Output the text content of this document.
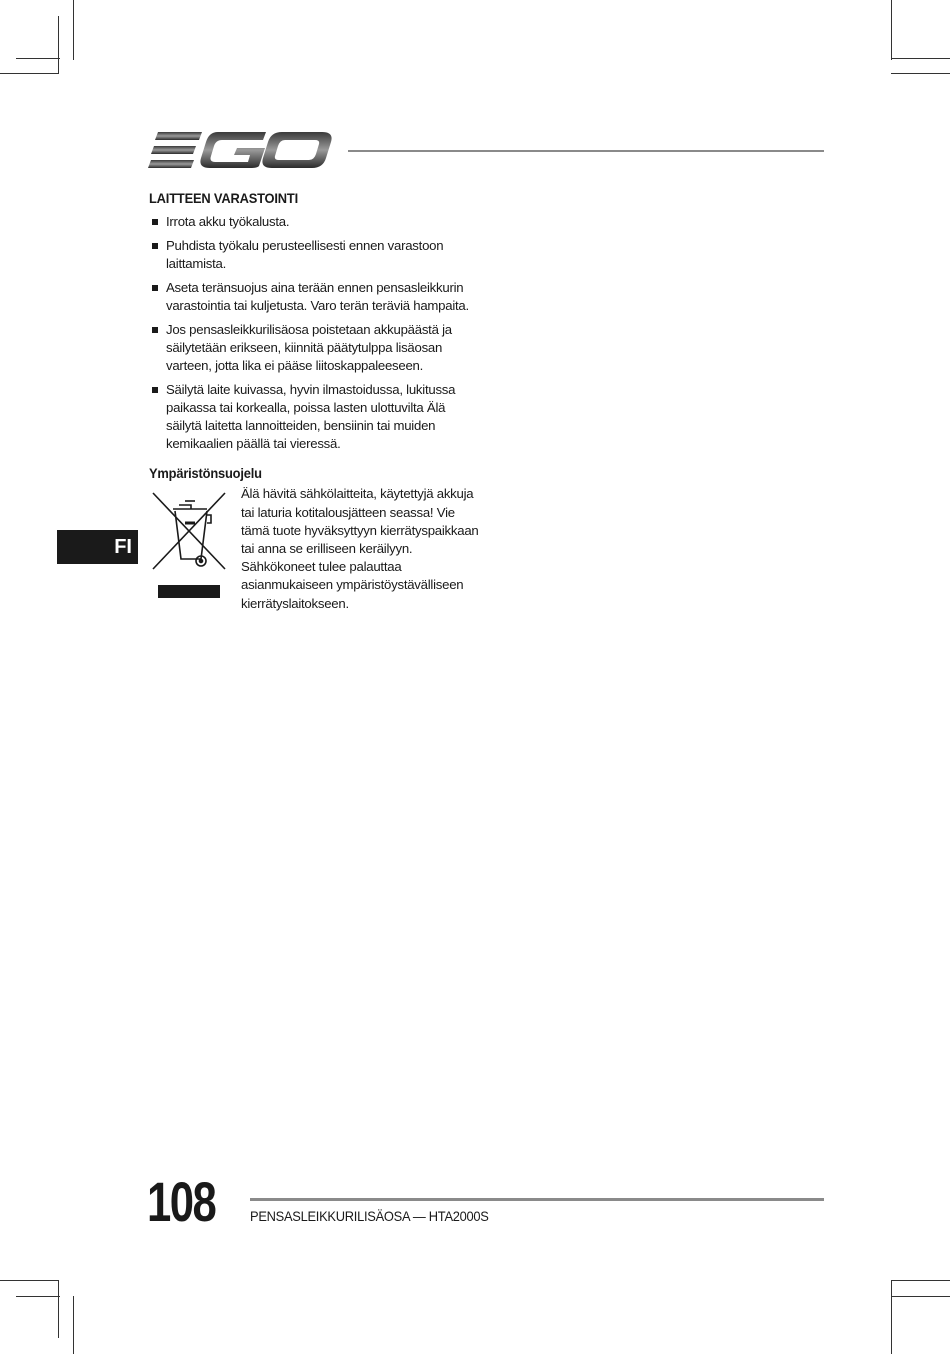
LAITTEEN VARASTOINTI
Irrota akku työkalusta.
Puhdista työkalu perusteellisesti ennen varastoon laittamista.
Aseta teränsuojus aina terään ennen pensasleikkurin varastointia tai kuljetusta. Varo terän teräviä hampaita.
Jos pensasleikkurilisäosa poistetaan akkupäästä ja säilytetään erikseen, kiinnitä päätytulppa lisäosan varteen, jotta lika ei pääse liitoskappaleeseen.
Säilytä laite kuivassa, hyvin ilmastoidussa, lukitussa paikassa tai korkealla, poissa lasten ulottuvilta Älä säilytä laitetta lannoitteiden, bensiinin tai muiden kemikaalien päällä tai vieressä.
Ympäristönsuojelu

Älä hävitä sähkölaitteita, käytettyjä akkuja tai laturia kotitalousjätteen seassa! Vie tämä tuote hyväksyttyyn kierrätyspaikkaan tai anna se erilliseen keräilyyn. Sähkökoneet tulee palauttaa asianmukaiseen ympäristöystävälliseen kierrätyslaitokseen.

FI
108 PENSASLEIKKURILISÄOSA — HTA2000S
